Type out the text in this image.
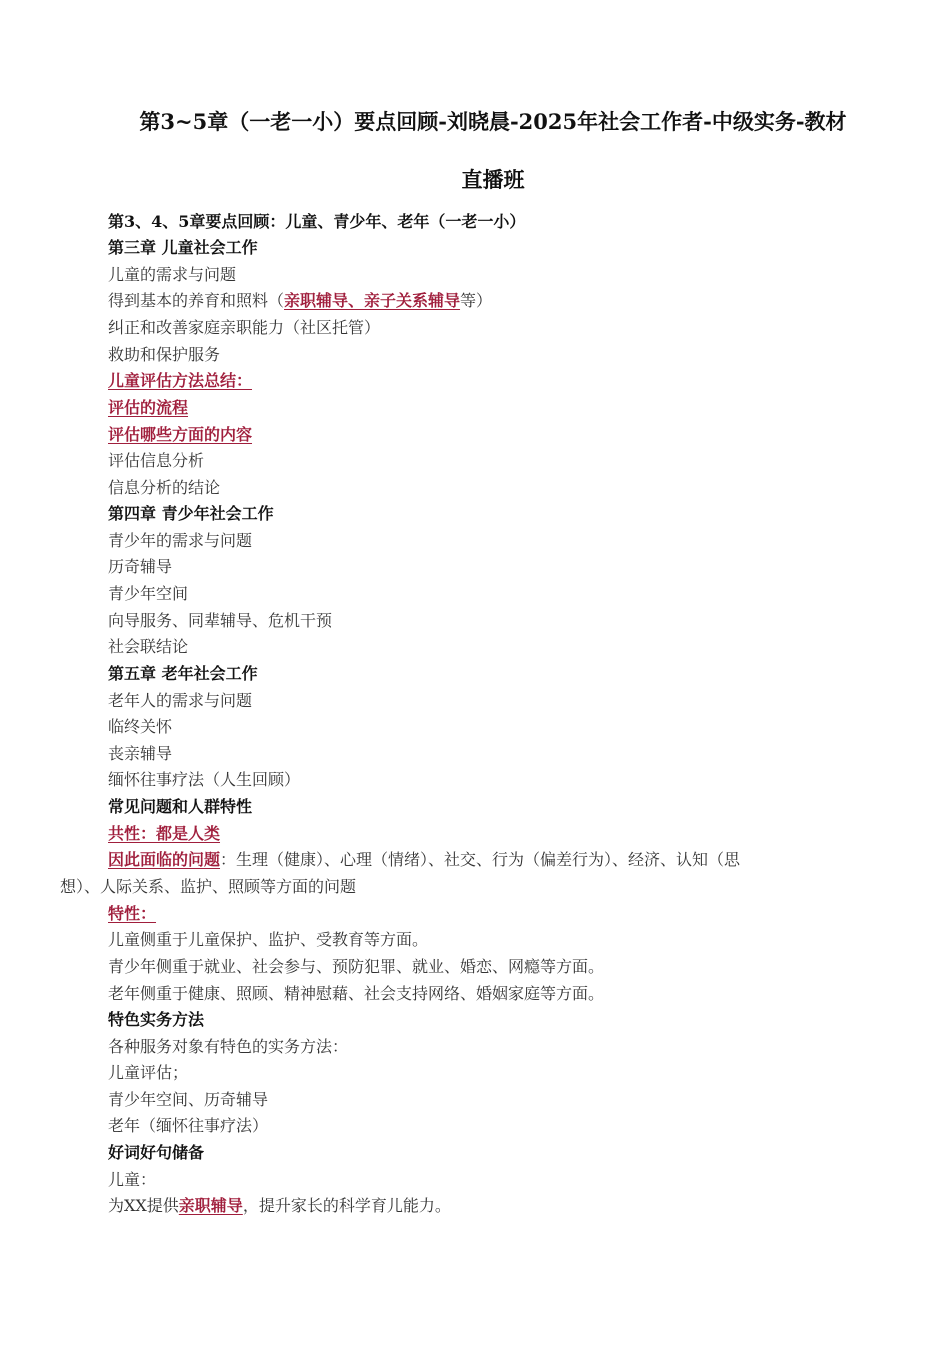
第3~5章（一老一小）要点回顾-刘晓晨-2025年社会工作者-中级实务-教材
直播班
第3、4、5章要点回顾：儿童、青少年、老年（一老一小）
第三章 儿童社会工作
儿童的需求与问题
得到基本的养育和照料（亲职辅导、亲子关系辅导等）
纠正和改善家庭亲职能力（社区托管）
救助和保护服务
儿童评估方法总结：
评估的流程
评估哪些方面的内容
评估信息分析
信息分析的结论
第四章 青少年社会工作
青少年的需求与问题
历奇辅导
青少年空间
向导服务、同辈辅导、危机干预
社会联结论
第五章 老年社会工作
老年人的需求与问题
临终关怀
丧亲辅导
缅怀往事疗法（人生回顾）
常见问题和人群特性
共性：都是人类
因此面临的问题：生理（健康）、心理（情绪）、社交、行为（偏差行为）、经济、认知（思
想）、人际关系、监护、照顾等方面的问题
特性：
儿童侧重于儿童保护、监护、受教育等方面。
青少年侧重于就业、社会参与、预防犯罪、就业、婚恋、网瘾等方面。
老年侧重于健康、照顾、精神慰藉、社会支持网络、婚姻家庭等方面。
特色实务方法
各种服务对象有特色的实务方法：
儿童评估；
青少年空间、历奇辅导
老年（缅怀往事疗法）
好词好句储备
儿童：
为XX提供亲职辅导，提升家长的科学育儿能力。
